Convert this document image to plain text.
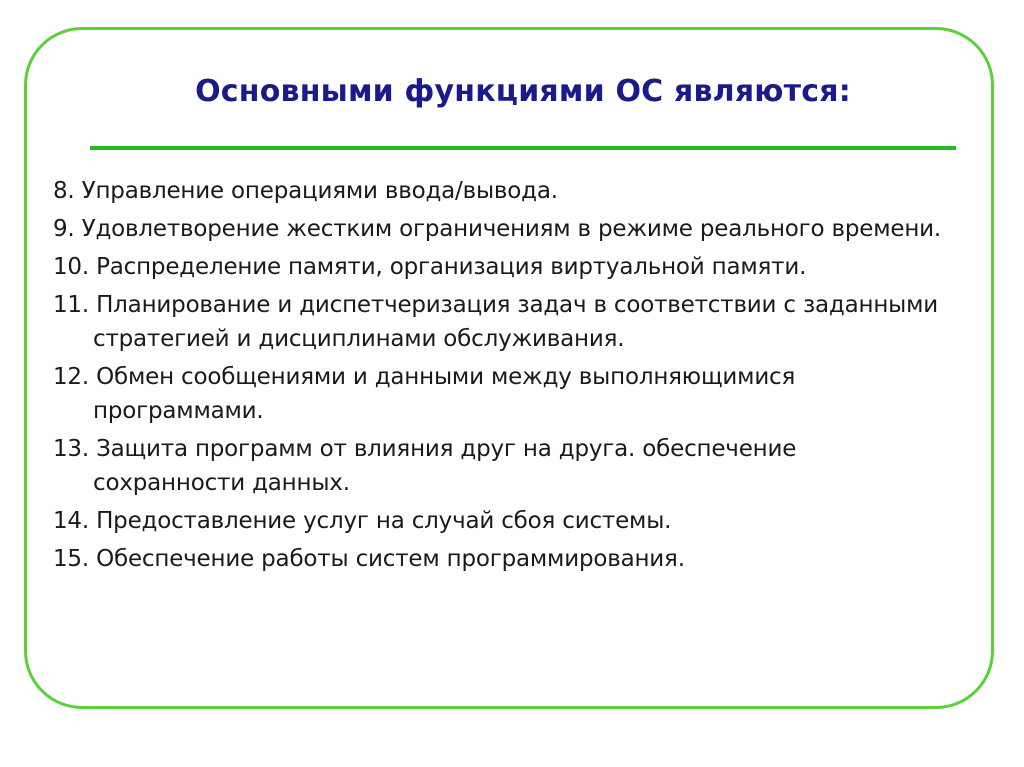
Основными функциями ОС являются:
8. Управление операциями ввода/вывода.
9. Удовлетворение жестким ограничениям в режиме реального времени.
10. Распределение памяти, организация виртуальной памяти.
11. Планирование и диспетчеризация задач в соответствии с заданными стратегией и дисциплинами обслуживания.
12. Обмен сообщениями и данными между выполняющимися программами.
13. Защита программ от влияния друг на друга. обеспечение сохранности данных.
14. Предоставление услуг на случай сбоя системы.
15. Обеспечение работы систем программирования.
